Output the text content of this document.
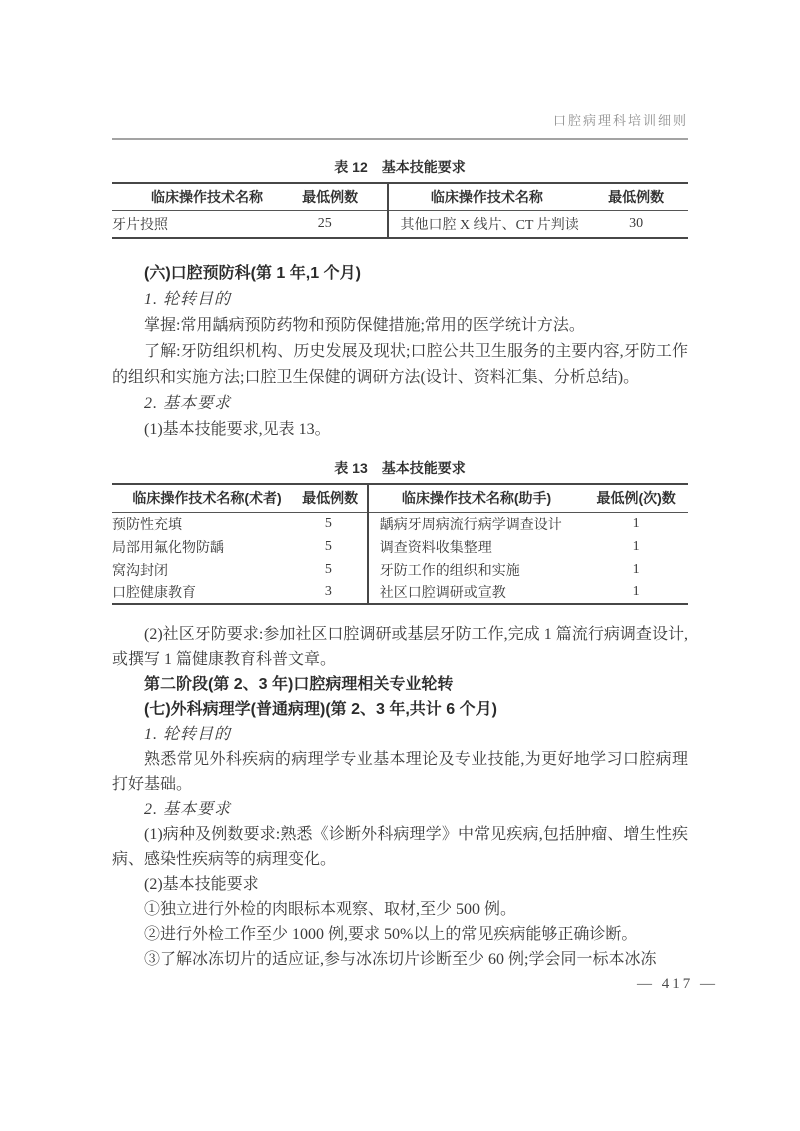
口腔病理科培训细则
表 12　基本技能要求
临床操作技术名称	最低例数	临床操作技术名称	最低例数
牙片投照	25	其他口腔 X 线片、CT 片判读	30

(六)口腔预防科(第 1 年,1 个月)

1. 轮转目的

掌握:常用龋病预防药物和预防保健措施;常用的医学统计方法。

了解:牙防组织机构、历史发展及现状;口腔公共卫生服务的主要内容,牙防工作的组织和实施方法;口腔卫生保健的调研方法(设计、资料汇集、分析总结)。

2. 基本要求

(1)基本技能要求,见表 13。

表 13　基本技能要求
临床操作技术名称(术者)	最低例数	临床操作技术名称(助手)	最低例(次)数
预防性充填	5	龋病牙周病流行病学调查设计	1
局部用氟化物防龋	5	调查资料收集整理	1
窝沟封闭	5	牙防工作的组织和实施	1
口腔健康教育	3	社区口腔调研或宣教	1

(2)社区牙防要求:参加社区口腔调研或基层牙防工作,完成 1 篇流行病调查设计,或撰写 1 篇健康教育科普文章。

第二阶段(第 2、3 年)口腔病理相关专业轮转

(七)外科病理学(普通病理)(第 2、3 年,共计 6 个月)

1. 轮转目的

熟悉常见外科疾病的病理学专业基本理论及专业技能,为更好地学习口腔病理打好基础。

2. 基本要求

(1)病种及例数要求:熟悉《诊断外科病理学》中常见疾病,包括肿瘤、增生性疾病、感染性疾病等的病理变化。

(2)基本技能要求

①独立进行外检的肉眼标本观察、取材,至少 500 例。

②进行外检工作至少 1000 例,要求 50%以上的常见疾病能够正确诊断。

③了解冰冻切片的适应证,参与冰冻切片诊断至少 60 例;学会同一标本冰冻

— 417 —
